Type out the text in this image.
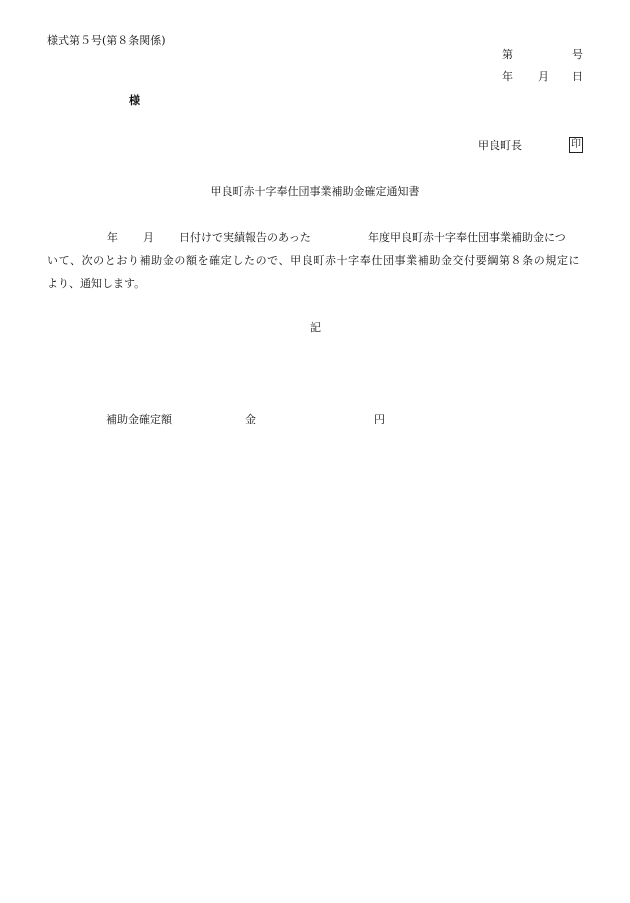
様式第５号(第８条関係)
第	号
年 月 日
様
甲良町長	印
甲良町赤十字奉仕団事業補助金確定通知書
年 月 日付けで実績報告のあった	年度甲良町赤十字奉仕団事業補助金につ
いて、次のとおり補助金の額を確定したので、甲良町赤十字奉仕団事業補助金交付要綱第８条の規定に
より、通知します。
記
補助金確定額	金	円
